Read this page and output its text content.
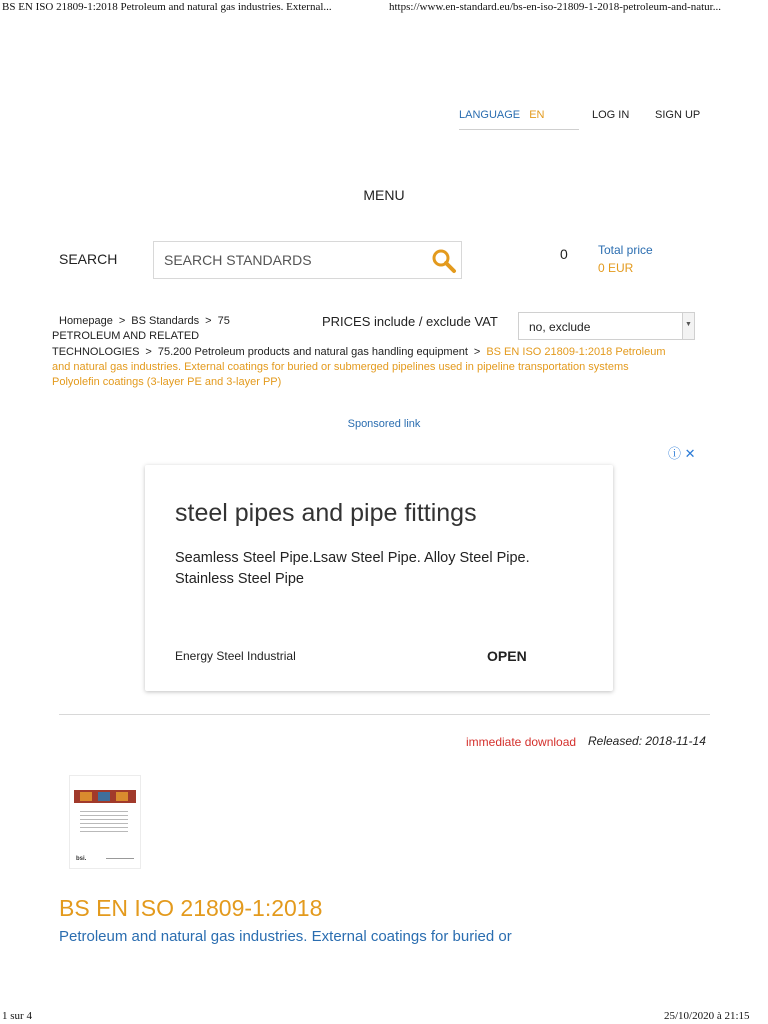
BS EN ISO 21809-1:2018 Petroleum and natural gas industries. External...	https://www.en-standard.eu/bs-en-iso-21809-1-2018-petroleum-and-natur...
LANGUAGE EN	LOG IN SIGN UP
MENU
SEARCH
SEARCH STANDARDS	0	Total price
0 EUR
Homepage > BS Standards > 75
PETROLEUM AND RELATED
TECHNOLOGIES > 75.200 Petroleum products and natural gas handling equipment > BS EN ISO 21809-1:2018 Petroleum
and natural gas industries. External coatings for buried or submerged pipelines used in pipeline transportation systems
Polyolefin coatings (3-layer PE and 3-layer PP)
PRICES include / exclude VAT	no, exclude	▼
Sponsored link
ⓘ ✕
steel pipes and pipe fittings
Seamless Steel Pipe.Lsaw Steel Pipe. Alloy Steel Pipe. Stainless Steel Pipe
Energy Steel Industrial	OPEN
immediate download Released: 2018-11-14
bsi.
BS EN ISO 21809-1:2018
Petroleum and natural gas industries. External coatings for buried or
1 sur 4	25/10/2020 à 21:15
